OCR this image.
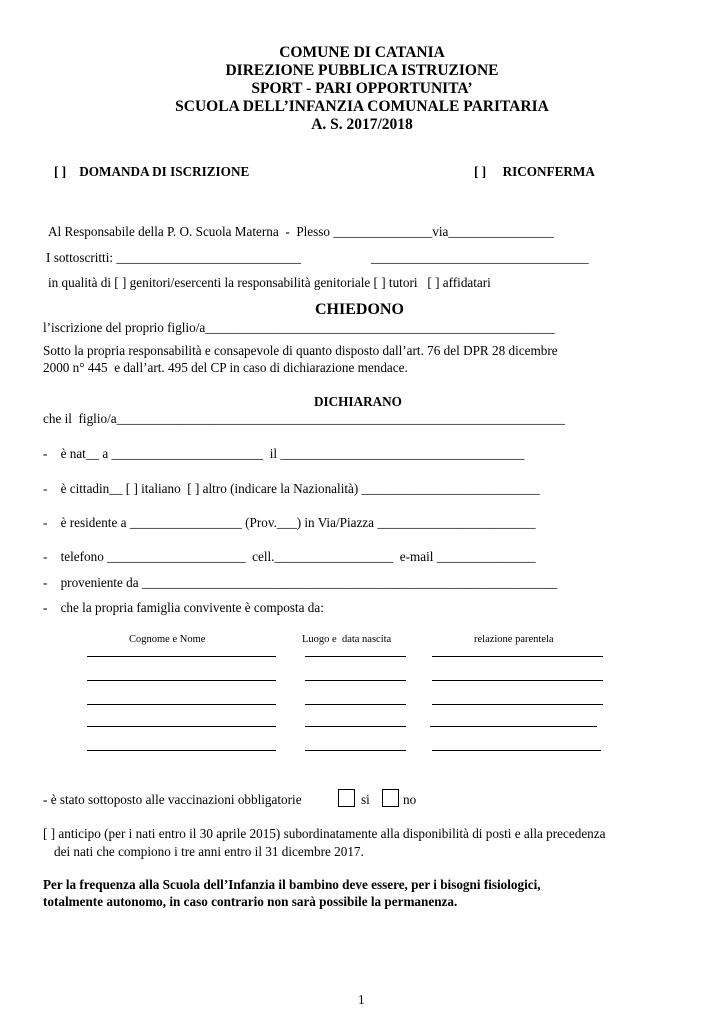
COMUNE DI CATANIA
DIREZIONE PUBBLICA ISTRUZIONE
SPORT - PARI OPPORTUNITA’
SCUOLA DELL’INFANZIA COMUNALE PARITARIA
A. S. 2017/2018
[ ]    DOMANDA DI ISCRIZIONE	[ ]     RICONFERMA
Al Responsabile della P. O. Scuola Materna  -  Plesso _______________via________________
I sottoscritti: ____________________________	_________________________________
in qualità di [ ] genitori/esercenti la responsabilità genitoriale [ ] tutori   [ ] affidatari
CHIEDONO
l’iscrizione del proprio figlio/a_____________________________________________________
Sotto la propria responsabilità e consapevole di quanto disposto dall’art. 76 del DPR 28 dicembre
2000 n° 445  e dall’art. 495 del CP in caso di dichiarazione mendace.
DICHIARANO
che il  figlio/a____________________________________________________________________
-    è nat__ a _______________________  il _____________________________________
-    è cittadin__ [ ] italiano  [ ] altro (indicare la Nazionalità) ___________________________
-    è residente a _________________ (Prov.___) in Via/Piazza ________________________
-    telefono _____________________  cell.__________________  e-mail _______________
-    proveniente da _______________________________________________________________
-    che la propria famiglia convivente è composta da:
Cognome e Nome	Luogo e  data nascita	relazione parentela
- è stato sottoposto alle vaccinazioni obbligatorie	si	no
[ ] anticipo (per i nati entro il 30 aprile 2015) subordinatamente alla disponibilità di posti e alla precedenza
dei nati che compiono i tre anni entro il 31 dicembre 2017.
Per la frequenza alla Scuola dell’Infanzia il bambino deve essere, per i bisogni fisiologici,
totalmente autonomo, in caso contrario non sarà possibile la permanenza.
1
